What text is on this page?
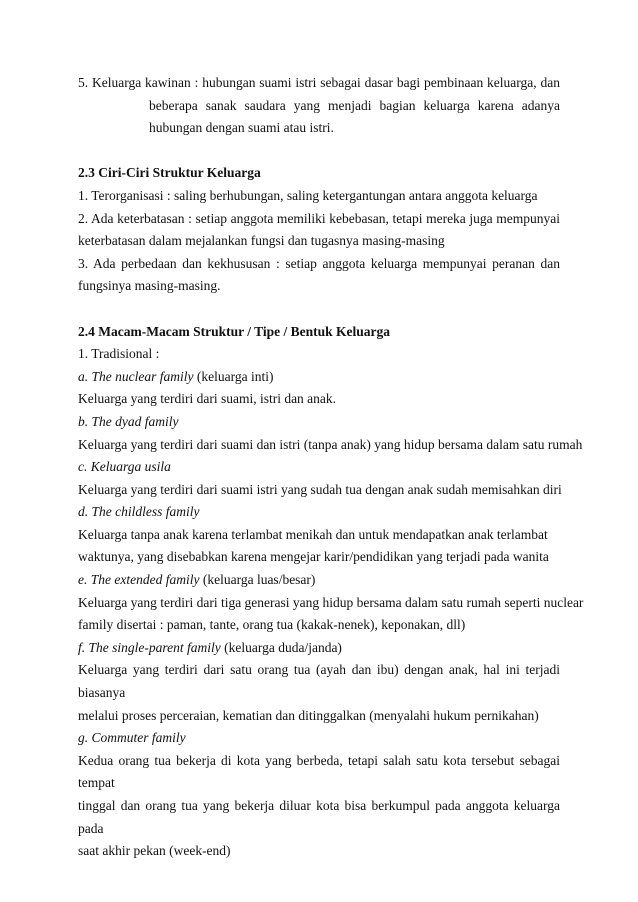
5. Keluarga kawinan : hubungan suami istri sebagai dasar bagi pembinaan keluarga, dan
beberapa sanak saudara yang menjadi bagian keluarga karena adanya
hubungan dengan suami atau istri.
2.3 Ciri-Ciri Struktur Keluarga
1. Terorganisasi : saling berhubungan, saling ketergantungan antara anggota keluarga
2. Ada keterbatasan : setiap anggota memiliki kebebasan, tetapi mereka juga mempunyai
keterbatasan dalam mejalankan fungsi dan tugasnya masing-masing
3. Ada perbedaan dan kekhususan : setiap anggota keluarga mempunyai peranan dan
fungsinya masing-masing.
2.4 Macam-Macam Struktur / Tipe / Bentuk Keluarga
1. Tradisional :
a. The nuclear family (keluarga inti)
Keluarga yang terdiri dari suami, istri dan anak.
b. The dyad family
Keluarga yang terdiri dari suami dan istri (tanpa anak) yang hidup bersama dalam satu rumah
c. Keluarga usila
Keluarga yang terdiri dari suami istri yang sudah tua dengan anak sudah memisahkan diri
d. The childless family
Keluarga tanpa anak karena terlambat menikah dan untuk mendapatkan anak terlambat
waktunya, yang disebabkan karena mengejar karir/pendidikan yang terjadi pada wanita
e. The extended family (keluarga luas/besar)
Keluarga yang terdiri dari tiga generasi yang hidup bersama dalam satu rumah seperti nuclear
family disertai : paman, tante, orang tua (kakak-nenek), keponakan, dll)
f. The single-parent family (keluarga duda/janda)
Keluarga yang terdiri dari satu orang tua (ayah dan ibu) dengan anak, hal ini terjadi biasanya
melalui proses perceraian, kematian dan ditinggalkan (menyalahi hukum pernikahan)
g. Commuter family
Kedua orang tua bekerja di kota yang berbeda, tetapi salah satu kota tersebut sebagai tempat
tinggal dan orang tua yang bekerja diluar kota bisa berkumpul pada anggota keluarga pada
saat akhir pekan (week-end)
